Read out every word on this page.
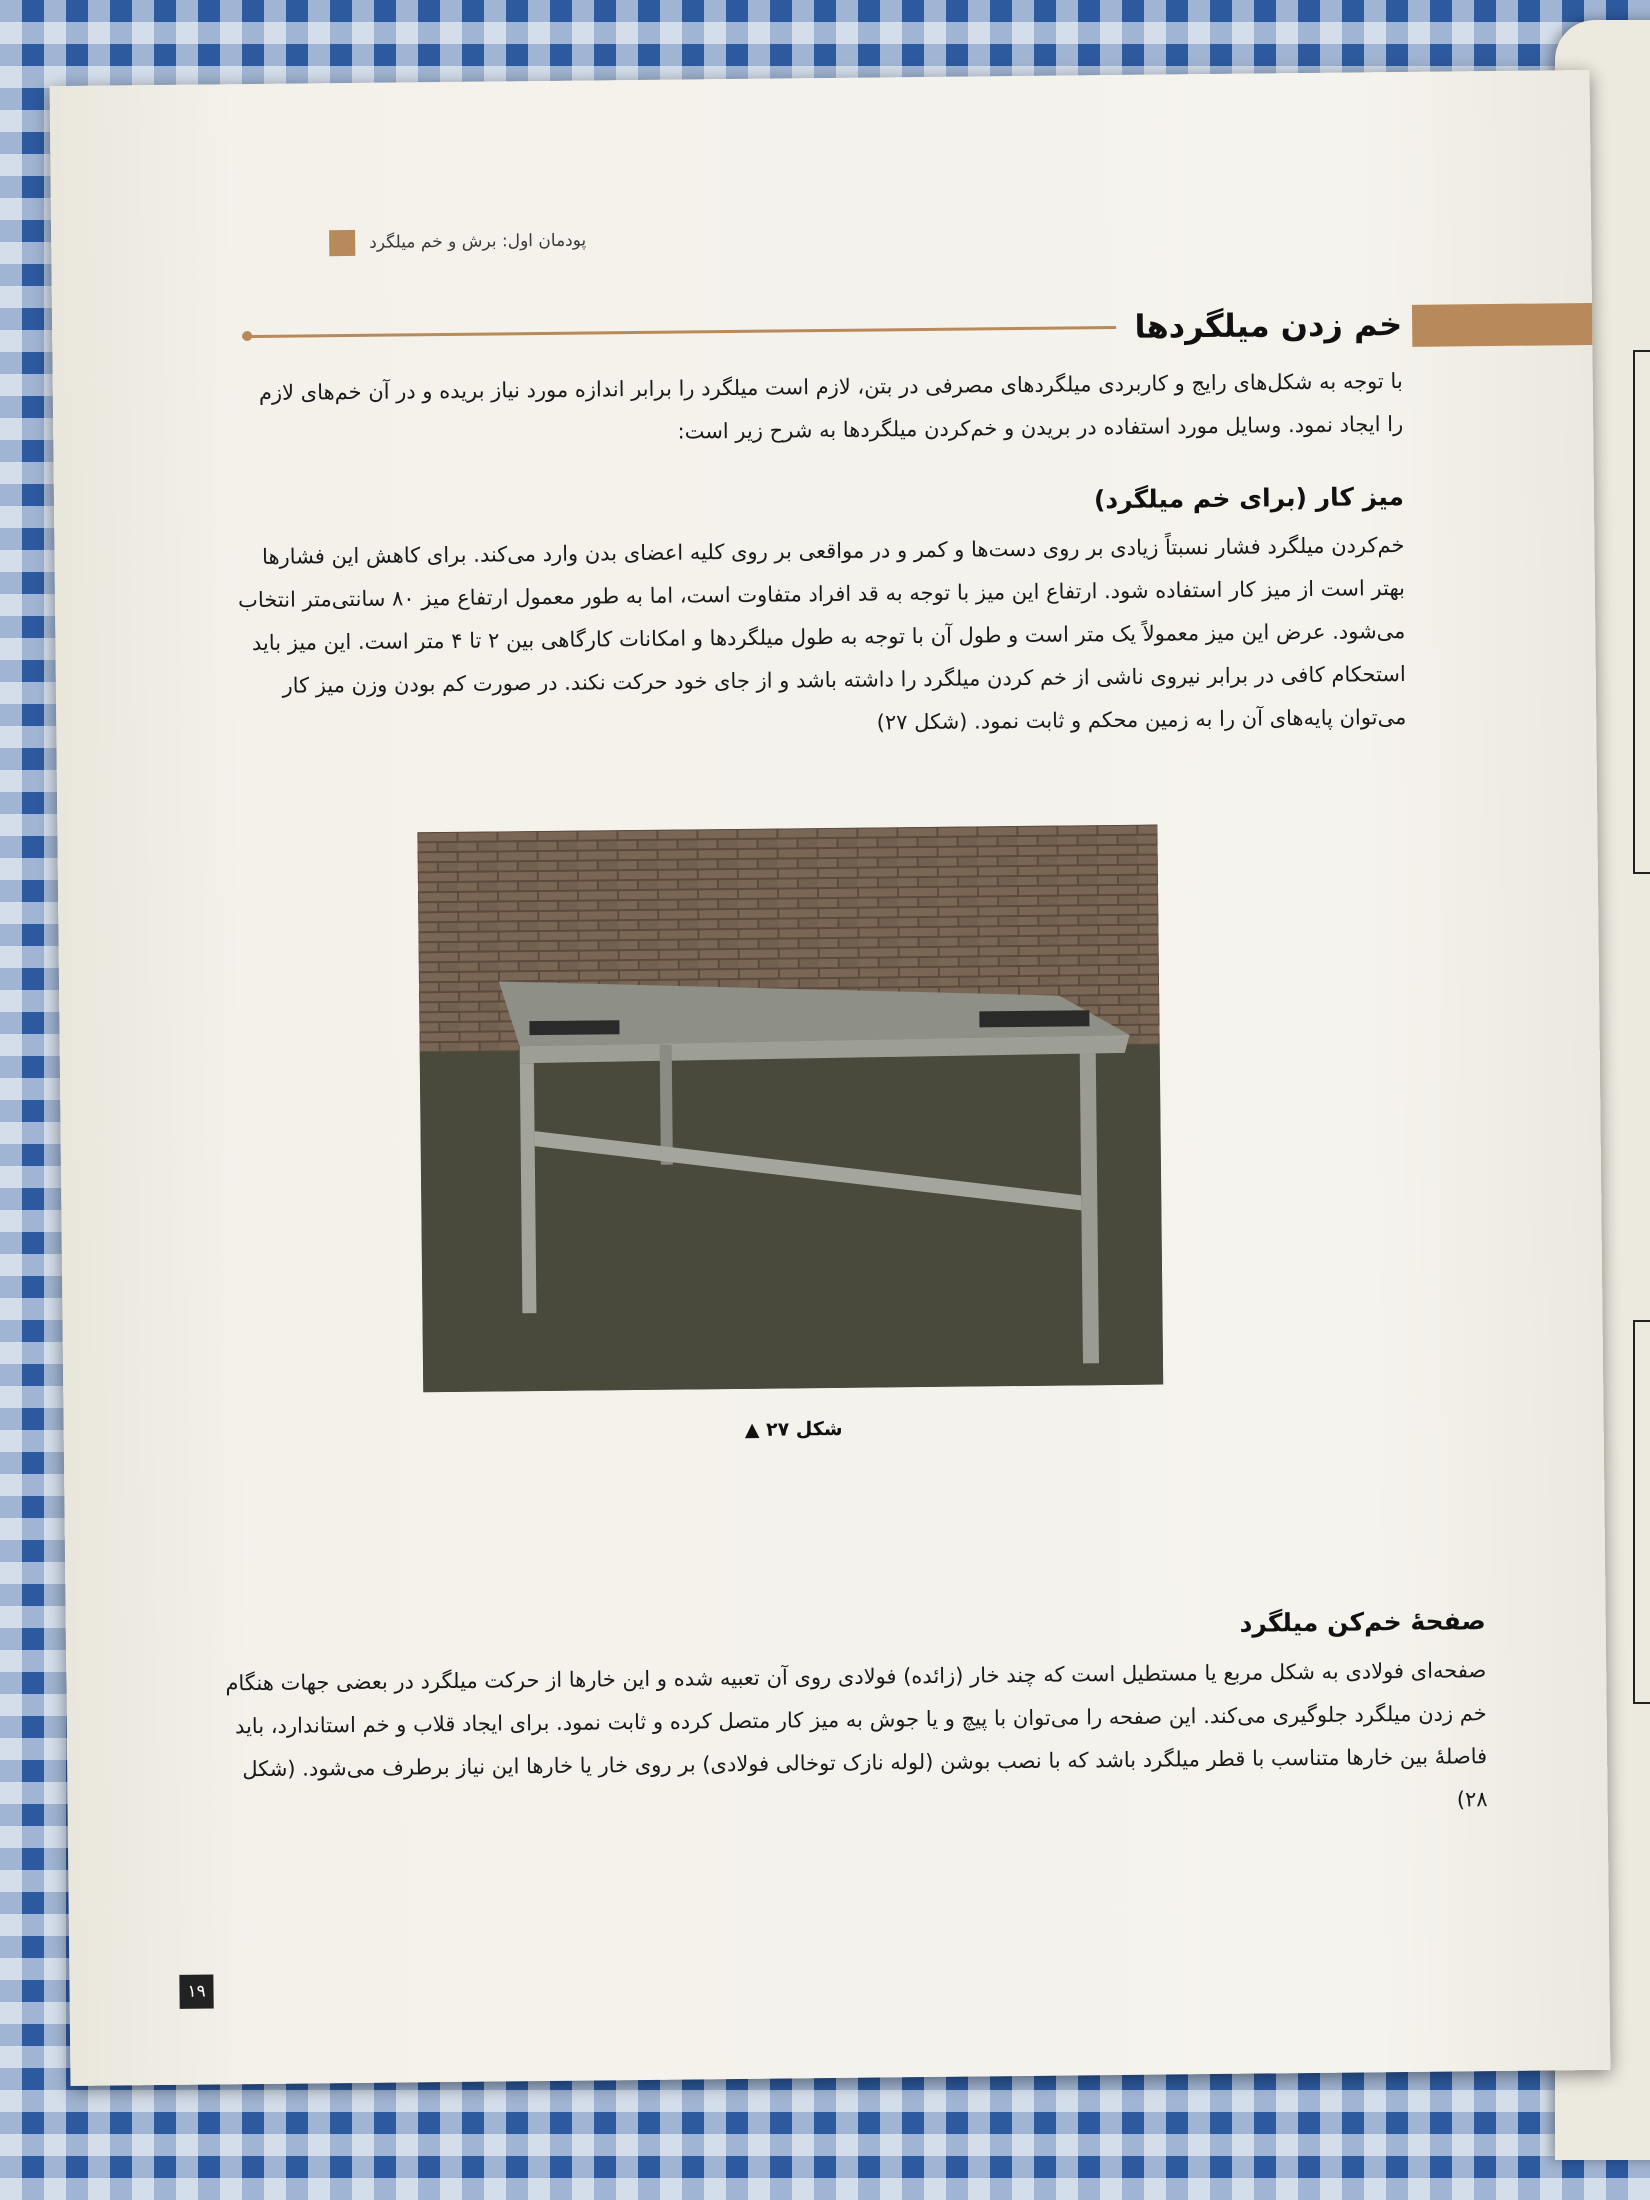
پودمان اول: برش و خم میلگرد
خم زدن میلگردها

با توجه به شکل‌های رایج و کاربردی میلگردهای مصرفی در بتن، لازم است میلگرد را برابر اندازه مورد نیاز بریده و در آن خم‌های لازم را ایجاد نمود. وسایل مورد استفاده در بریدن و خم‌کردن میلگردها به شرح زیر است:

میز کار (برای خم میلگرد)

خم‌کردن میلگرد فشار نسبتاً زیادی بر روی دست‌ها و کمر و در مواقعی بر روی کلیه اعضای بدن وارد می‌کند. برای کاهش این فشارها بهتر است از میز کار استفاده شود. ارتفاع این میز با توجه به قد افراد متفاوت است، اما به طور معمول ارتفاع میز ۸۰ سانتی‌متر انتخاب می‌شود. عرض این میز معمولاً یک متر است و طول آن با توجه به طول میلگردها و امکانات کارگاهی بین ۲ تا ۴ متر است. این میز باید استحکام کافی در برابر نیروی ناشی از خم کردن میلگرد را داشته باشد و از جای خود حرکت نکند. در صورت کم بودن وزن میز کار می‌توان پایه‌های آن را به زمین محکم و ثابت نمود. (شکل ۲۷)

شکل ۲۷ ▲
صفحهٔ خم‌کن میلگرد

صفحه‌ای فولادی به شکل مربع یا مستطیل است که چند خار (زائده) فولادی روی آن تعبیه شده و این خارها از حرکت میلگرد در بعضی جهات هنگام خم زدن میلگرد جلوگیری می‌کند. این صفحه را می‌توان با پیچ و یا جوش به میز کار متصل کرده و ثابت نمود. برای ایجاد قلاب و خم استاندارد، باید فاصلهٔ بین خارها متناسب با قطر میلگرد باشد که با نصب بوشن (لوله نازک توخالی فولادی) بر روی خار یا خارها این نیاز برطرف می‌شود. (شکل ۲۸)

۱۹
